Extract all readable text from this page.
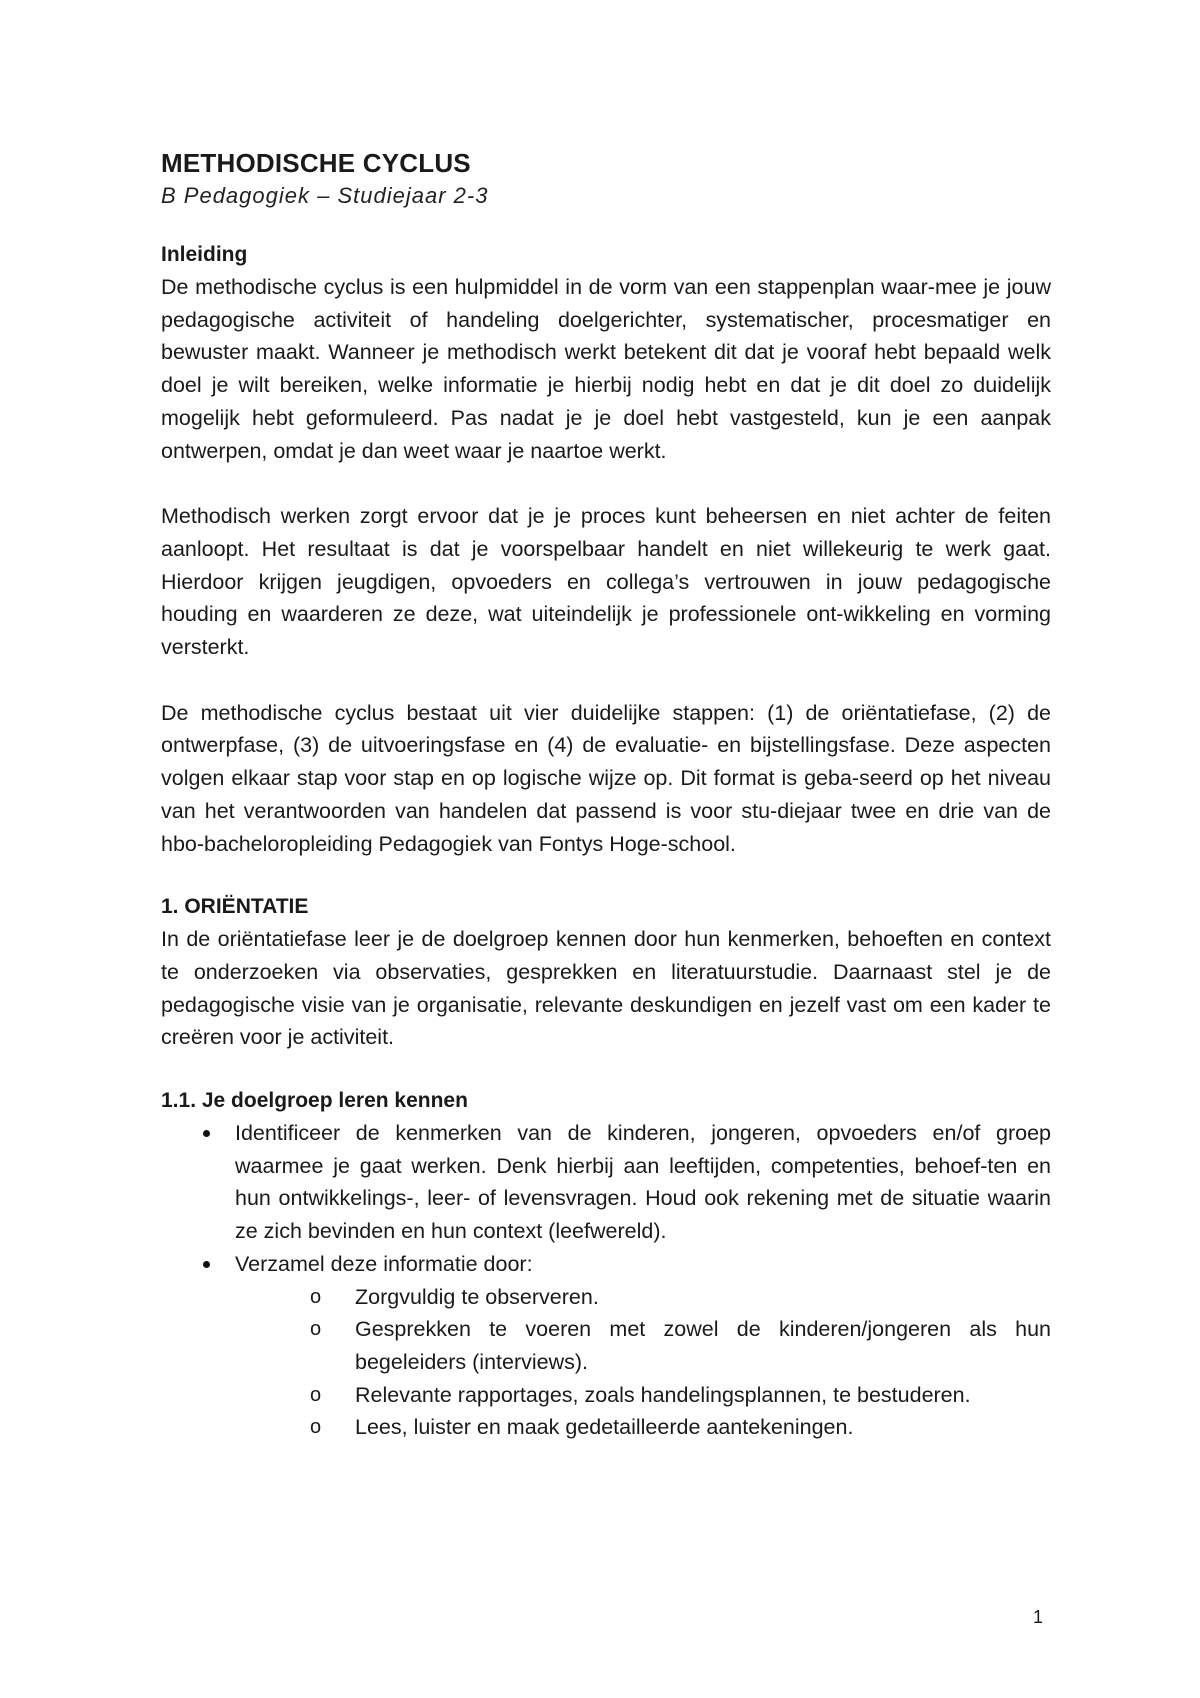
METHODISCHE CYCLUS

B Pedagogiek – Studiejaar 2-3

Inleiding

De methodische cyclus is een hulpmiddel in de vorm van een stappenplan waar-mee je jouw pedagogische activiteit of handeling doelgerichter, systematischer, procesmatiger en bewuster maakt. Wanneer je methodisch werkt betekent dit dat je vooraf hebt bepaald welk doel je wilt bereiken, welke informatie je hierbij nodig hebt en dat je dit doel zo duidelijk mogelijk hebt geformuleerd. Pas nadat je je doel hebt vastgesteld, kun je een aanpak ontwerpen, omdat je dan weet waar je naartoe werkt.

Methodisch werken zorgt ervoor dat je je proces kunt beheersen en niet achter de feiten aanloopt. Het resultaat is dat je voorspelbaar handelt en niet willekeurig te werk gaat. Hierdoor krijgen jeugdigen, opvoeders en collega’s vertrouwen in jouw pedagogische houding en waarderen ze deze, wat uiteindelijk je professionele ont-wikkeling en vorming versterkt.

De methodische cyclus bestaat uit vier duidelijke stappen: (1) de oriëntatiefase, (2) de ontwerpfase, (3) de uitvoeringsfase en (4) de evaluatie- en bijstellingsfase. Deze aspecten volgen elkaar stap voor stap en op logische wijze op. Dit format is geba-seerd op het niveau van het verantwoorden van handelen dat passend is voor stu-diejaar twee en drie van de hbo-bacheloropleiding Pedagogiek van Fontys Hoge-school.

1. ORIËNTATIE

In de oriëntatiefase leer je de doelgroep kennen door hun kenmerken, behoeften en context te onderzoeken via observaties, gesprekken en literatuurstudie. Daarnaast stel je de pedagogische visie van je organisatie, relevante deskundigen en jezelf vast om een kader te creëren voor je activiteit.

1.1. Je doelgroep leren kennen
Identificeer de kenmerken van de kinderen, jongeren, opvoeders en/of groep waarmee je gaat werken. Denk hierbij aan leeftijden, competenties, behoef-ten en hun ontwikkelings-, leer- of levensvragen. Houd ook rekening met de situatie waarin ze zich bevinden en hun context (leefwereld).
Verzamel deze informatie door:
o Zorgvuldig te observeren.
o Gesprekken te voeren met zowel de kinderen/jongeren als hun begeleiders (interviews).
o Relevante rapportages, zoals handelingsplannen, te bestuderen.
o Lees, luister en maak gedetailleerde aantekeningen.
1
